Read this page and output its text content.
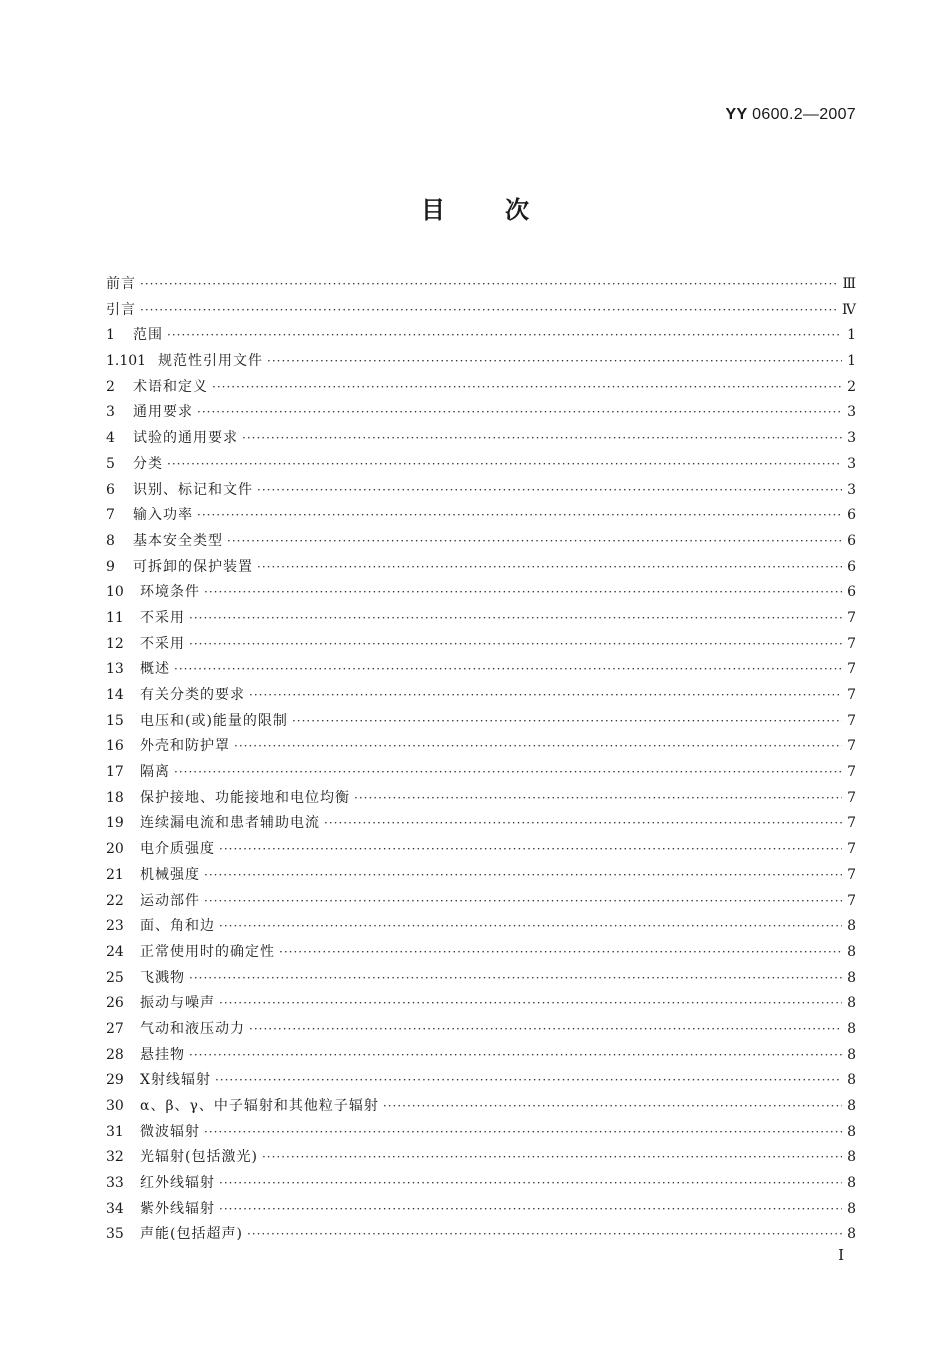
YY 0600.2—2007
目次
前言 ·····	Ⅲ
引言 ·····	Ⅳ
1	范围 ·····	1
1.101 规范性引用文件 ·····	1
2	术语和定义 ·····	2
3	通用要求 ·····	3
4	试验的通用要求 ·····	3
5	分类 ·····	3
6	识别、标记和文件 ·····	3
7	输入功率 ·····	6
8	基本安全类型 ·····	6
9	可拆卸的保护装置 ·····	6
10	环境条件 ·····	6
11	不采用 ·····	7
12	不采用 ·····	7
13	概述 ·····	7
14	有关分类的要求 ·····	7
15	电压和(或)能量的限制 ·····	7
16	外壳和防护罩 ·····	7
17	隔离 ·····	7
18	保护接地、功能接地和电位均衡 ·····	7
19	连续漏电流和患者辅助电流 ·····	7
20	电介质强度 ·····	7
21	机械强度 ·····	7
22	运动部件 ·····	7
23	面、角和边 ·····	8
24	正常使用时的确定性 ·····	8
25	飞溅物 ·····	8
26	振动与噪声 ·····	8
27	气动和液压动力 ·····	8
28	悬挂物 ·····	8
29	X射线辐射 ·····	8
30	α、β、γ、中子辐射和其他粒子辐射 ·····	8
31	微波辐射 ·····	8
32	光辐射(包括激光) ·····	8
33	红外线辐射 ·····	8
34	紫外线辐射 ·····	8
35	声能(包括超声) ·····	8
I
